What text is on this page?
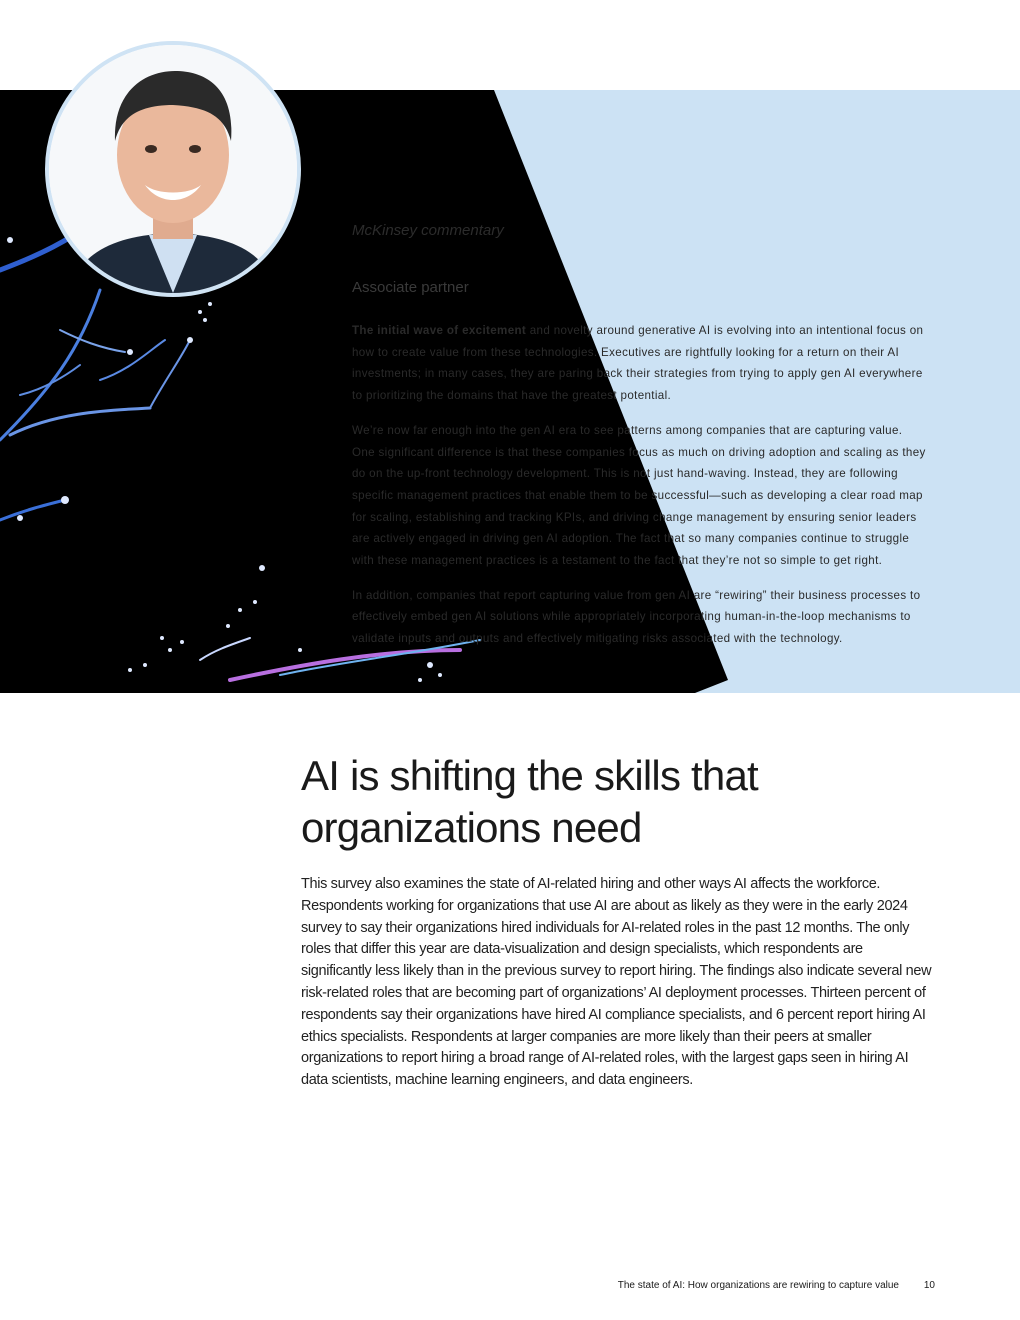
McKinsey commentary

Associate partner

The initial wave of excitement and novelty around generative AI is evolving into an intentional focus on how to create value from these technologies. Executives are rightfully looking for a return on their AI investments; in many cases, they are paring back their strategies from trying to apply gen AI everywhere to prioritizing the domains that have the greatest potential.

We’re now far enough into the gen AI era to see patterns among companies that are capturing value. One significant difference is that these companies focus as much on driving adoption and scaling as they do on the up-front technology development. This is not just hand-waving. Instead, they are following specific management practices that enable them to be successful—such as developing a clear road map for scaling, establishing and tracking KPIs, and driving change management by ensuring senior leaders are actively engaged in driving gen AI adoption. The fact that so many companies continue to struggle with these management practices is a testament to the fact that they’re not so simple to get right.

In addition, companies that report capturing value from gen AI are “rewiring” their business processes to effectively embed gen AI solutions while appropriately incorporating human-in-the-loop mechanisms to validate inputs and outputs and effectively mitigating risks associated with the technology.

AI is shifting the skills that organizations need

This survey also examines the state of AI-related hiring and other ways AI affects the workforce. Respondents working for organizations that use AI are about as likely as they were in the early 2024 survey to say their organizations hired individuals for AI-related roles in the past 12 months. The only roles that differ this year are data-visualization and design specialists, which respondents are significantly less likely than in the previous survey to report hiring. The findings also indicate several new risk-related roles that are becoming part of organizations’ AI deployment processes. Thirteen percent of respondents say their organizations have hired AI compliance specialists, and 6 percent report hiring AI ethics specialists. Respondents at larger companies are more likely than their peers at smaller organizations to report hiring a broad range of AI-related roles, with the largest gaps seen in hiring AI data scientists, machine learning engineers, and data engineers.

The state of AI: How organizations are rewiring to capture value 10
